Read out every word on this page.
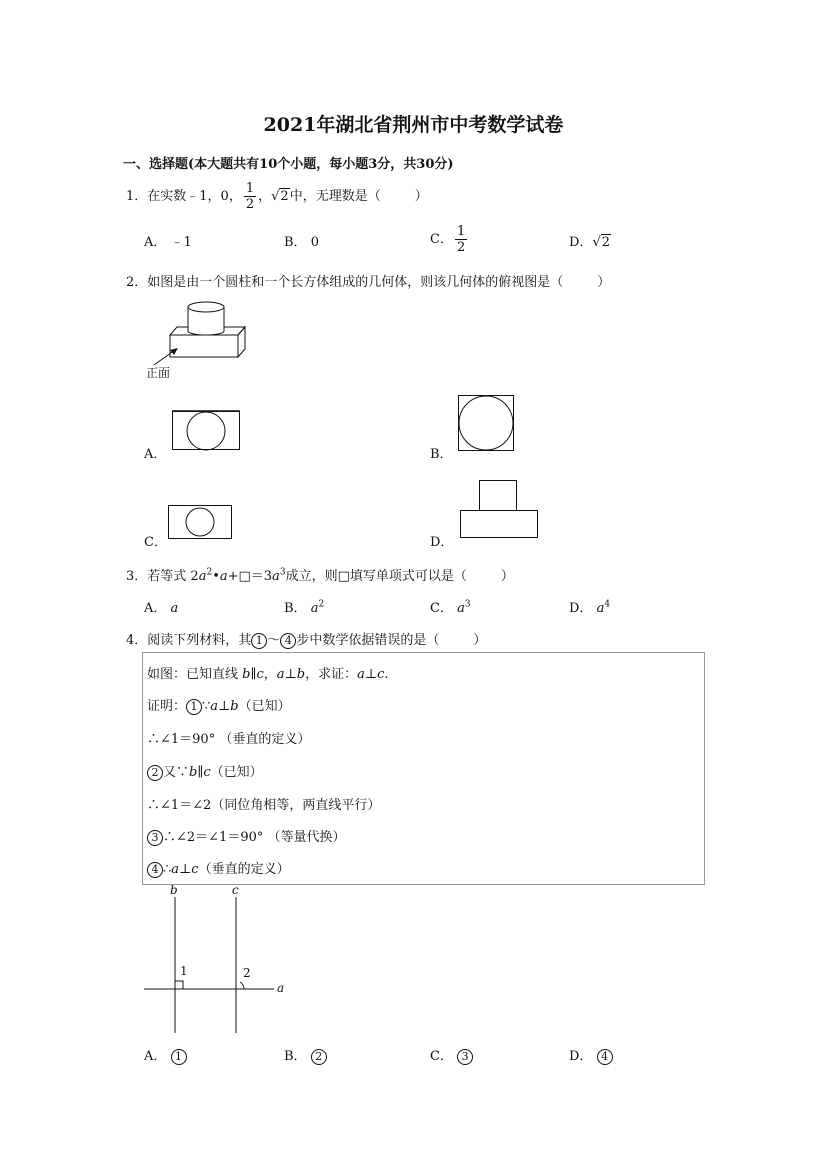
2021年湖北省荆州市中考数学试卷
一、选择题(本大题共有10个小题，每小题3分，共30分)
1．在实数﹣1，0， $\frac{1}{2}$ ，√2中，无理数是（	）
A． ﹣1	B． 0	C． $\frac{1}{2}$	D．√2
2．如图是由一个圆柱和一个长方体组成的几何体，则该几何体的俯视图是（	）
正面
A．	B．
C．	D．
3．若等式 $2a^2•a+□=3a^3$成立，则□填写单项式可以是（	）
A． a	B． $a^2$	C． $a^3$	D． $a^4$
4．阅读下列材料，其 1 ～ 4 步中数学依据错误的是（	）
如图：已知直线 b∥c，a⊥b，求证：a⊥c.
证明： 1 ∵a⊥b（已知）
∴∠1＝90° （垂直的定义）
2 又∵b∥c（已知）
∴∠1＝∠2（同位角相等，两直线平行）
3 ∴∠2＝∠1＝90° （等量代换）
4 ∴a⊥c（垂直的定义）
b	c
a
1	2
A． 1	B． 2	C． 3	D． 4
